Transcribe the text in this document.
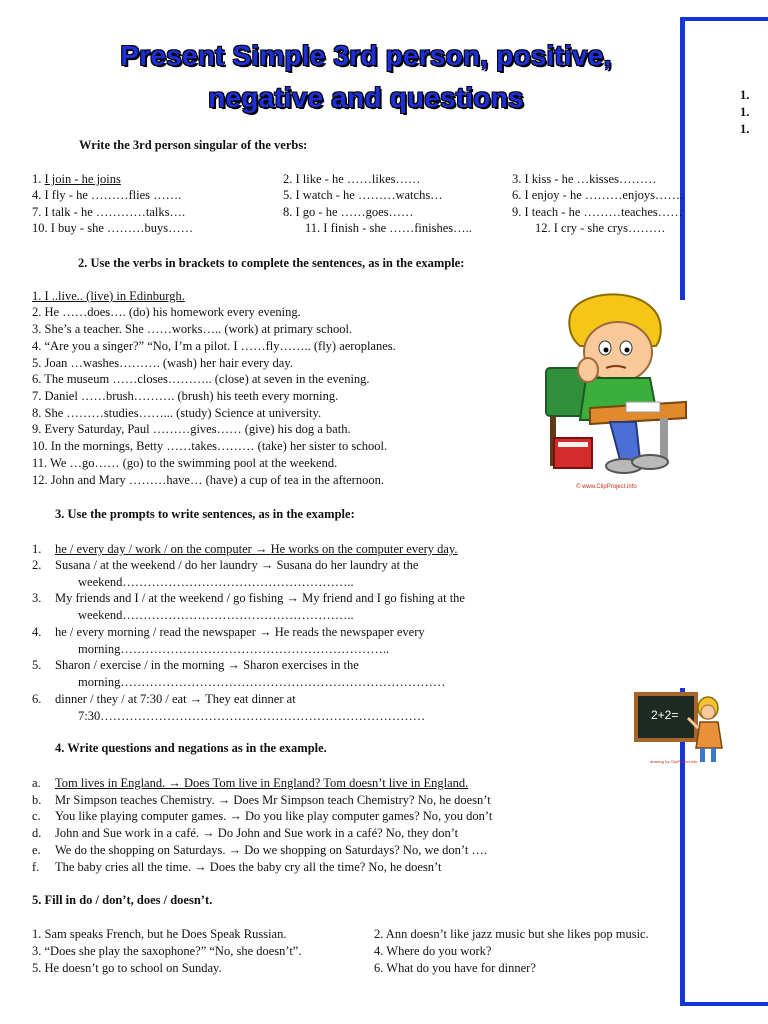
Present Simple 3rd person, positive,
negative and questions	1.
1.
1.
Write the 3rd person singular of the verbs:
1. I join - he joins	2. I like - he ……likes……	3. I kiss - he …kisses………
4. I fly - he ………flies …….	5. I watch - he ………watchs…	6. I enjoy - he ………enjoys…….
7. I talk - he …………talks….	8. I go - he ……goes……	9. I teach - he ………teaches……
10. I buy - she ………buys……	11. I finish - she ……finishes…..	12. I cry - she crys………
2. Use the verbs in brackets to complete the sentences, as in the example:
1. I ..live.. (live) in Edinburgh.
2. He ……does…. (do) his homework every evening.
3. She’s a teacher. She ……works….. (work) at primary school.
4. “Are you a singer?” “No, I’m a pilot. I ……fly…….. (fly) aeroplanes.
5. Joan …washes………. (wash) her hair every day.
6. The museum ……closes……….. (close) at seven in the evening.
7. Daniel ……brush………. (brush) his teeth every morning.
8. She ………studies……... (study) Science at university.
9. Every Saturday, Paul ………gives…… (give) his dog a bath.
10. In the mornings, Betty ……takes……… (take) her sister to school.
11. We …go…… (go) to the swimming pool at the weekend.
12. John and Mary ………have… (have) a cup of tea in the afternoon.	© www.ClipProject.info
3. Use the prompts to write sentences, as in the example:
1. he / every day / work / on the computer → He works on the computer every day.
2. Susana / at the weekend / do her laundry → Susana do her laundry at the
weekend………………………………………………..
3. My friends and I / at the weekend / go fishing → My friend and I go fishing at the
weekend………………………………………………..
4. he / every morning / read the newspaper → He reads the newspaper every
morning………………………………………………………..
5. Sharon / exercise / in the morning → Sharon exercises in the
morning……………………………………………………………………
6. dinner / they / at 7:30 / eat → They eat dinner at
7:30……………………………………………………………………	2+2=
drawing by ClipProject.info
4. Write questions and negations as in the example.
a. Tom lives in England. → Does Tom live in England? Tom doesn’t live in England.
b. Mr Simpson teaches Chemistry. → Does Mr Simpson teach Chemistry? No, he doesn’t
c. You like playing computer games. → Do you like play computer games? No, you don’t
d. John and Sue work in a café. → Do John and Sue work in a café? No, they don’t
e. We do the shopping on Saturdays. → Do we shopping on Saturdays? No, we don’t ….
f. The baby cries all the time. → Does the baby cry all the time? No, he doesn’t
5. Fill in do / don’t, does / doesn’t.
1. Sam speaks French, but he Does Speak Russian.	2. Ann doesn’t like jazz music but she likes pop music.
3. “Does she play the saxophone?” “No, she doesn’t”.	4. Where do you work?
5. He doesn’t go to school on Sunday.	6. What do you have for dinner?
